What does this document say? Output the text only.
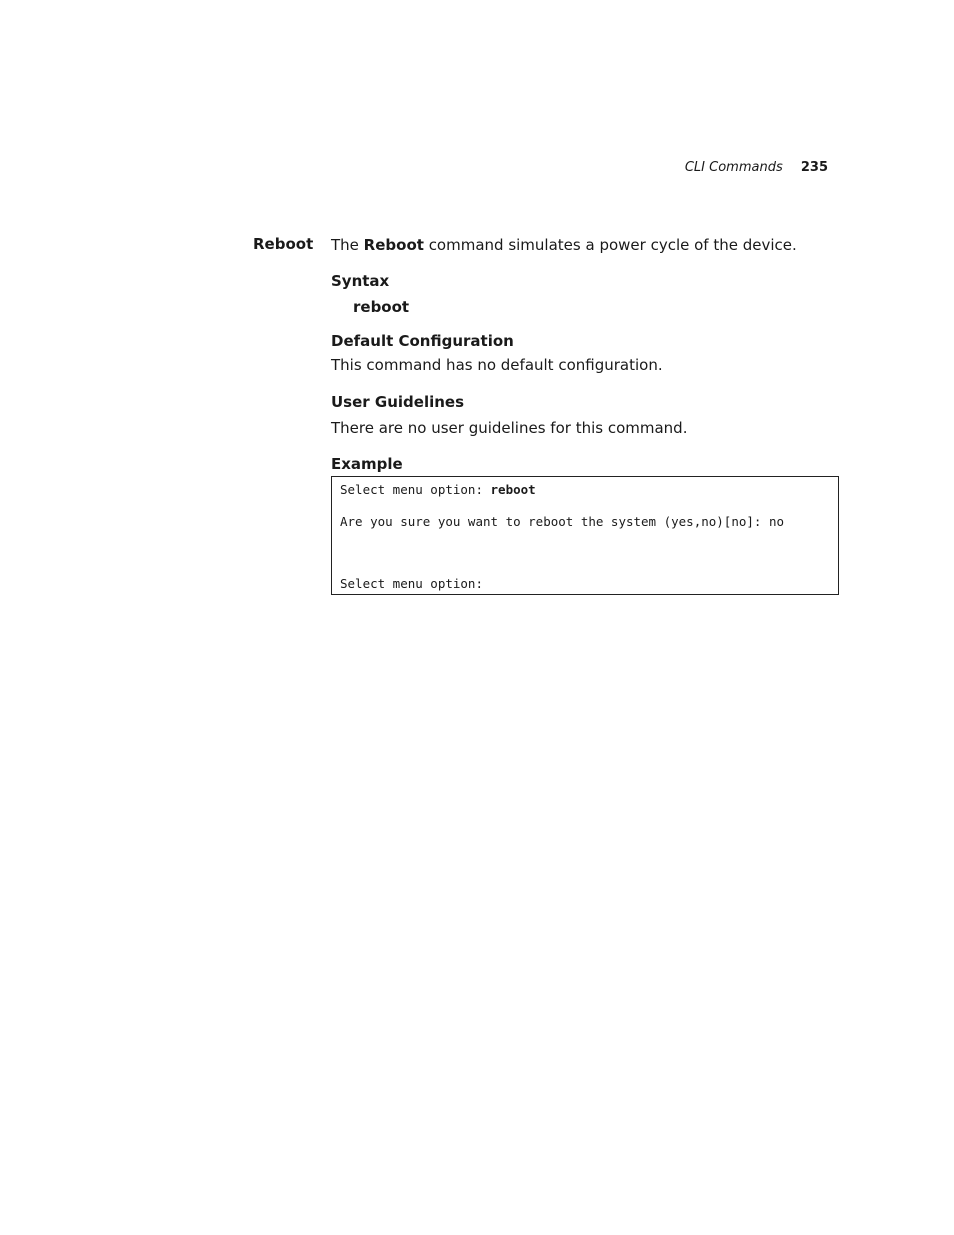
CLI Commands 235
Reboot The Reboot command simulates a power cycle of the device.

Syntax

reboot

Default Configuration

This command has no default configuration.

User Guidelines

There are no user guidelines for this command.

Example

Select menu option: reboot
Are you sure you want to reboot the system (yes,no)[no]: no
Select menu option:
